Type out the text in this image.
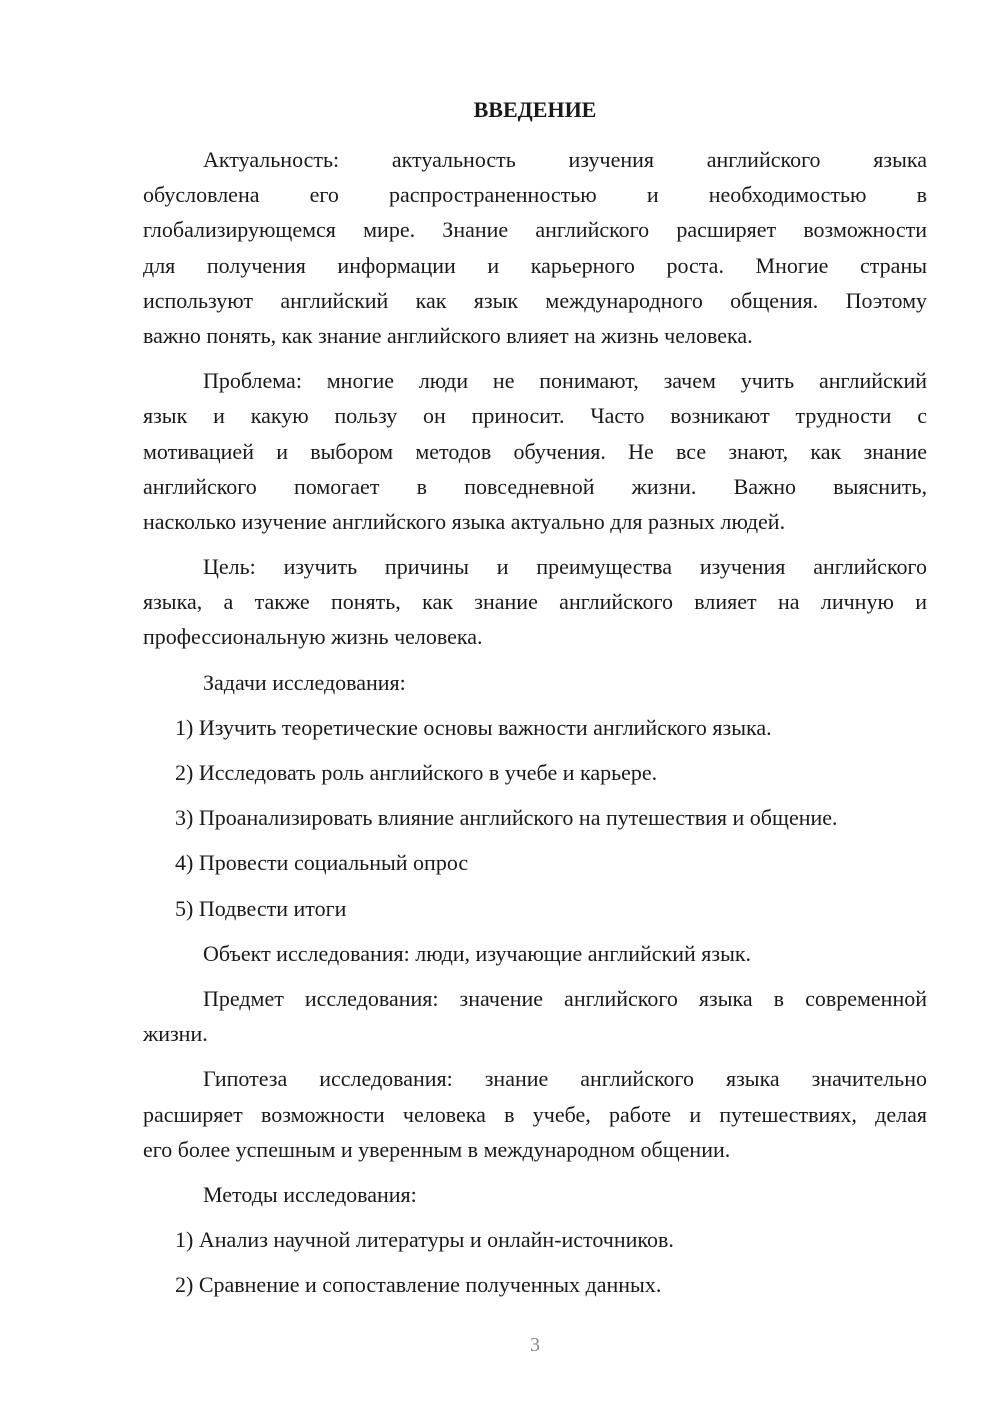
ВВЕДЕНИЕ
Актуальность: актуальность изучения английского языка
обусловлена его распространенностью и необходимостью в
глобализирующемся мире. Знание английского расширяет возможности
для получения информации и карьерного роста. Многие страны
используют английский как язык международного общения. Поэтому
важно понять, как знание английского влияет на жизнь человека.
Проблема: многие люди не понимают, зачем учить английский
язык и какую пользу он приносит. Часто возникают трудности с
мотивацией и выбором методов обучения. Не все знают, как знание
английского помогает в повседневной жизни. Важно выяснить,
насколько изучение английского языка актуально для разных людей.
Цель: изучить причины и преимущества изучения английского
языка, а также понять, как знание английского влияет на личную и
профессиональную жизнь человека.
Задачи исследования:
1) Изучить теоретические основы важности английского языка.
2) Исследовать роль английского в учебе и карьере.
3) Проанализировать влияние английского на путешествия и общение.
4) Провести социальный опрос
5) Подвести итоги
Объект исследования: люди, изучающие английский язык.
Предмет исследования: значение английского языка в современной
жизни.
Гипотеза исследования: знание английского языка значительно
расширяет возможности человека в учебе, работе и путешествиях, делая
его более успешным и уверенным в международном общении.
Методы исследования:
1) Анализ научной литературы и онлайн-источников.
2) Сравнение и сопоставление полученных данных.
3
